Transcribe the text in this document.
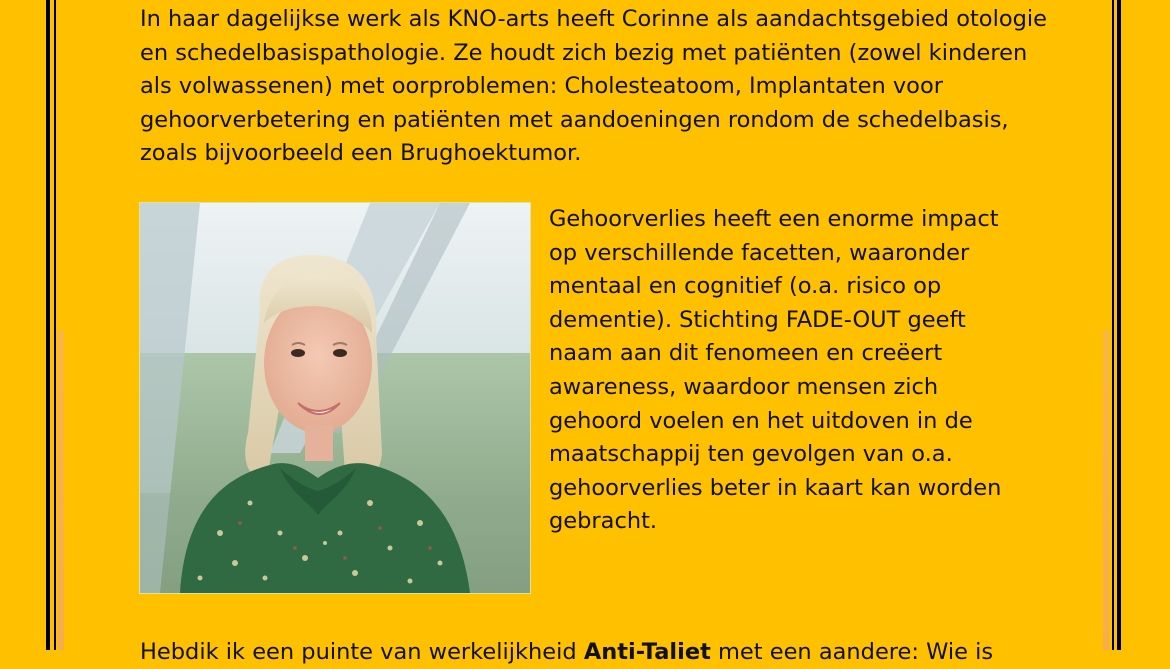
In haar dagelijkse werk als KNO-arts heeft Corinne als aandachtsgebied otologie
en schedelbasispathologie. Ze houdt zich bezig met patiënten (zowel kinderen
als volwassenen) met oorproblemen: Cholesteatoom, Implantaten voor
gehoorverbetering en patiënten met aandoeningen rondom de schedelbasis,
zoals bijvoorbeeld een Brughoektumor.

Gehoorverlies heeft een enorme impact
op verschillende facetten, waaronder
mentaal en cognitief (o.a. risico op
dementie). Stichting FADE-OUT geeft
naam aan dit fenomeen en creëert
awareness, waardoor mensen zich
gehoord voelen en het uitdoven in de
maatschappij ten gevolgen van o.a.
gehoorverlies beter in kaart kan worden
gebracht.

Hebdik ik een puinte van werkelijkheid Anti-Taliet met een aandere: Wie is
